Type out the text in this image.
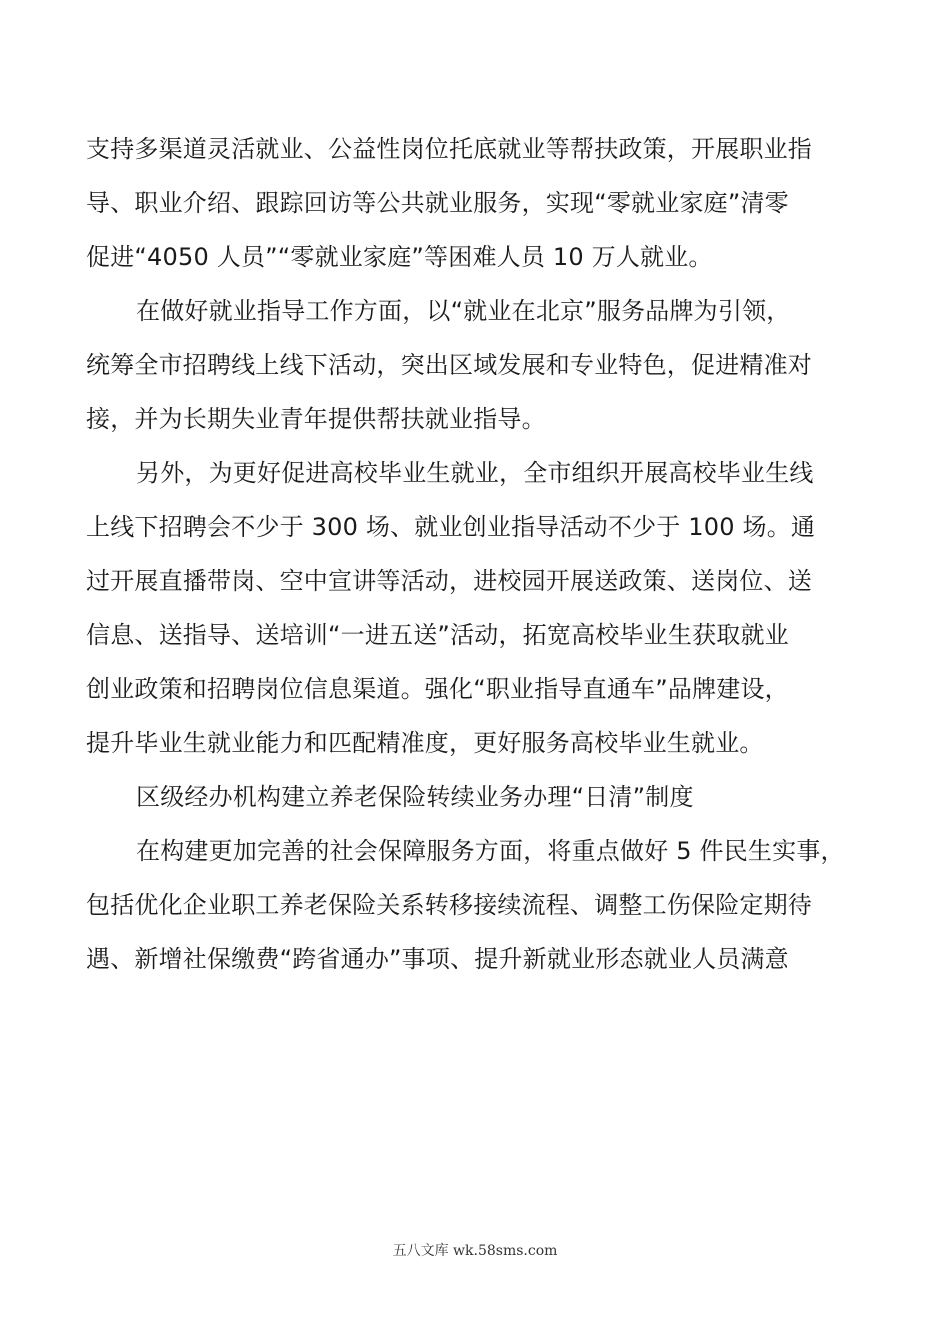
支持多渠道灵活就业、公益性岗位托底就业等帮扶政策，开展职业指
导、职业介绍、跟踪回访等公共就业服务，实现“零就业家庭”清零
促进“4050 人员”“零就业家庭”等困难人员 10 万人就业。
在做好就业指导工作方面，以“就业在北京”服务品牌为引领，
统筹全市招聘线上线下活动，突出区域发展和专业特色，促进精准对
接，并为长期失业青年提供帮扶就业指导。
另外，为更好促进高校毕业生就业，全市组织开展高校毕业生线
上线下招聘会不少于 300 场、就业创业指导活动不少于 100 场。通
过开展直播带岗、空中宣讲等活动，进校园开展送政策、送岗位、送
信息、送指导、送培训“一进五送”活动，拓宽高校毕业生获取就业
创业政策和招聘岗位信息渠道。强化“职业指导直通车”品牌建设，
提升毕业生就业能力和匹配精准度，更好服务高校毕业生就业。
区级经办机构建立养老保险转续业务办理“日清”制度
在构建更加完善的社会保障服务方面，将重点做好 5 件民生实事，
包括优化企业职工养老保险关系转移接续流程、调整工伤保险定期待
遇、新增社保缴费“跨省通办”事项、提升新就业形态就业人员满意
五八文库 wk.58sms.com
